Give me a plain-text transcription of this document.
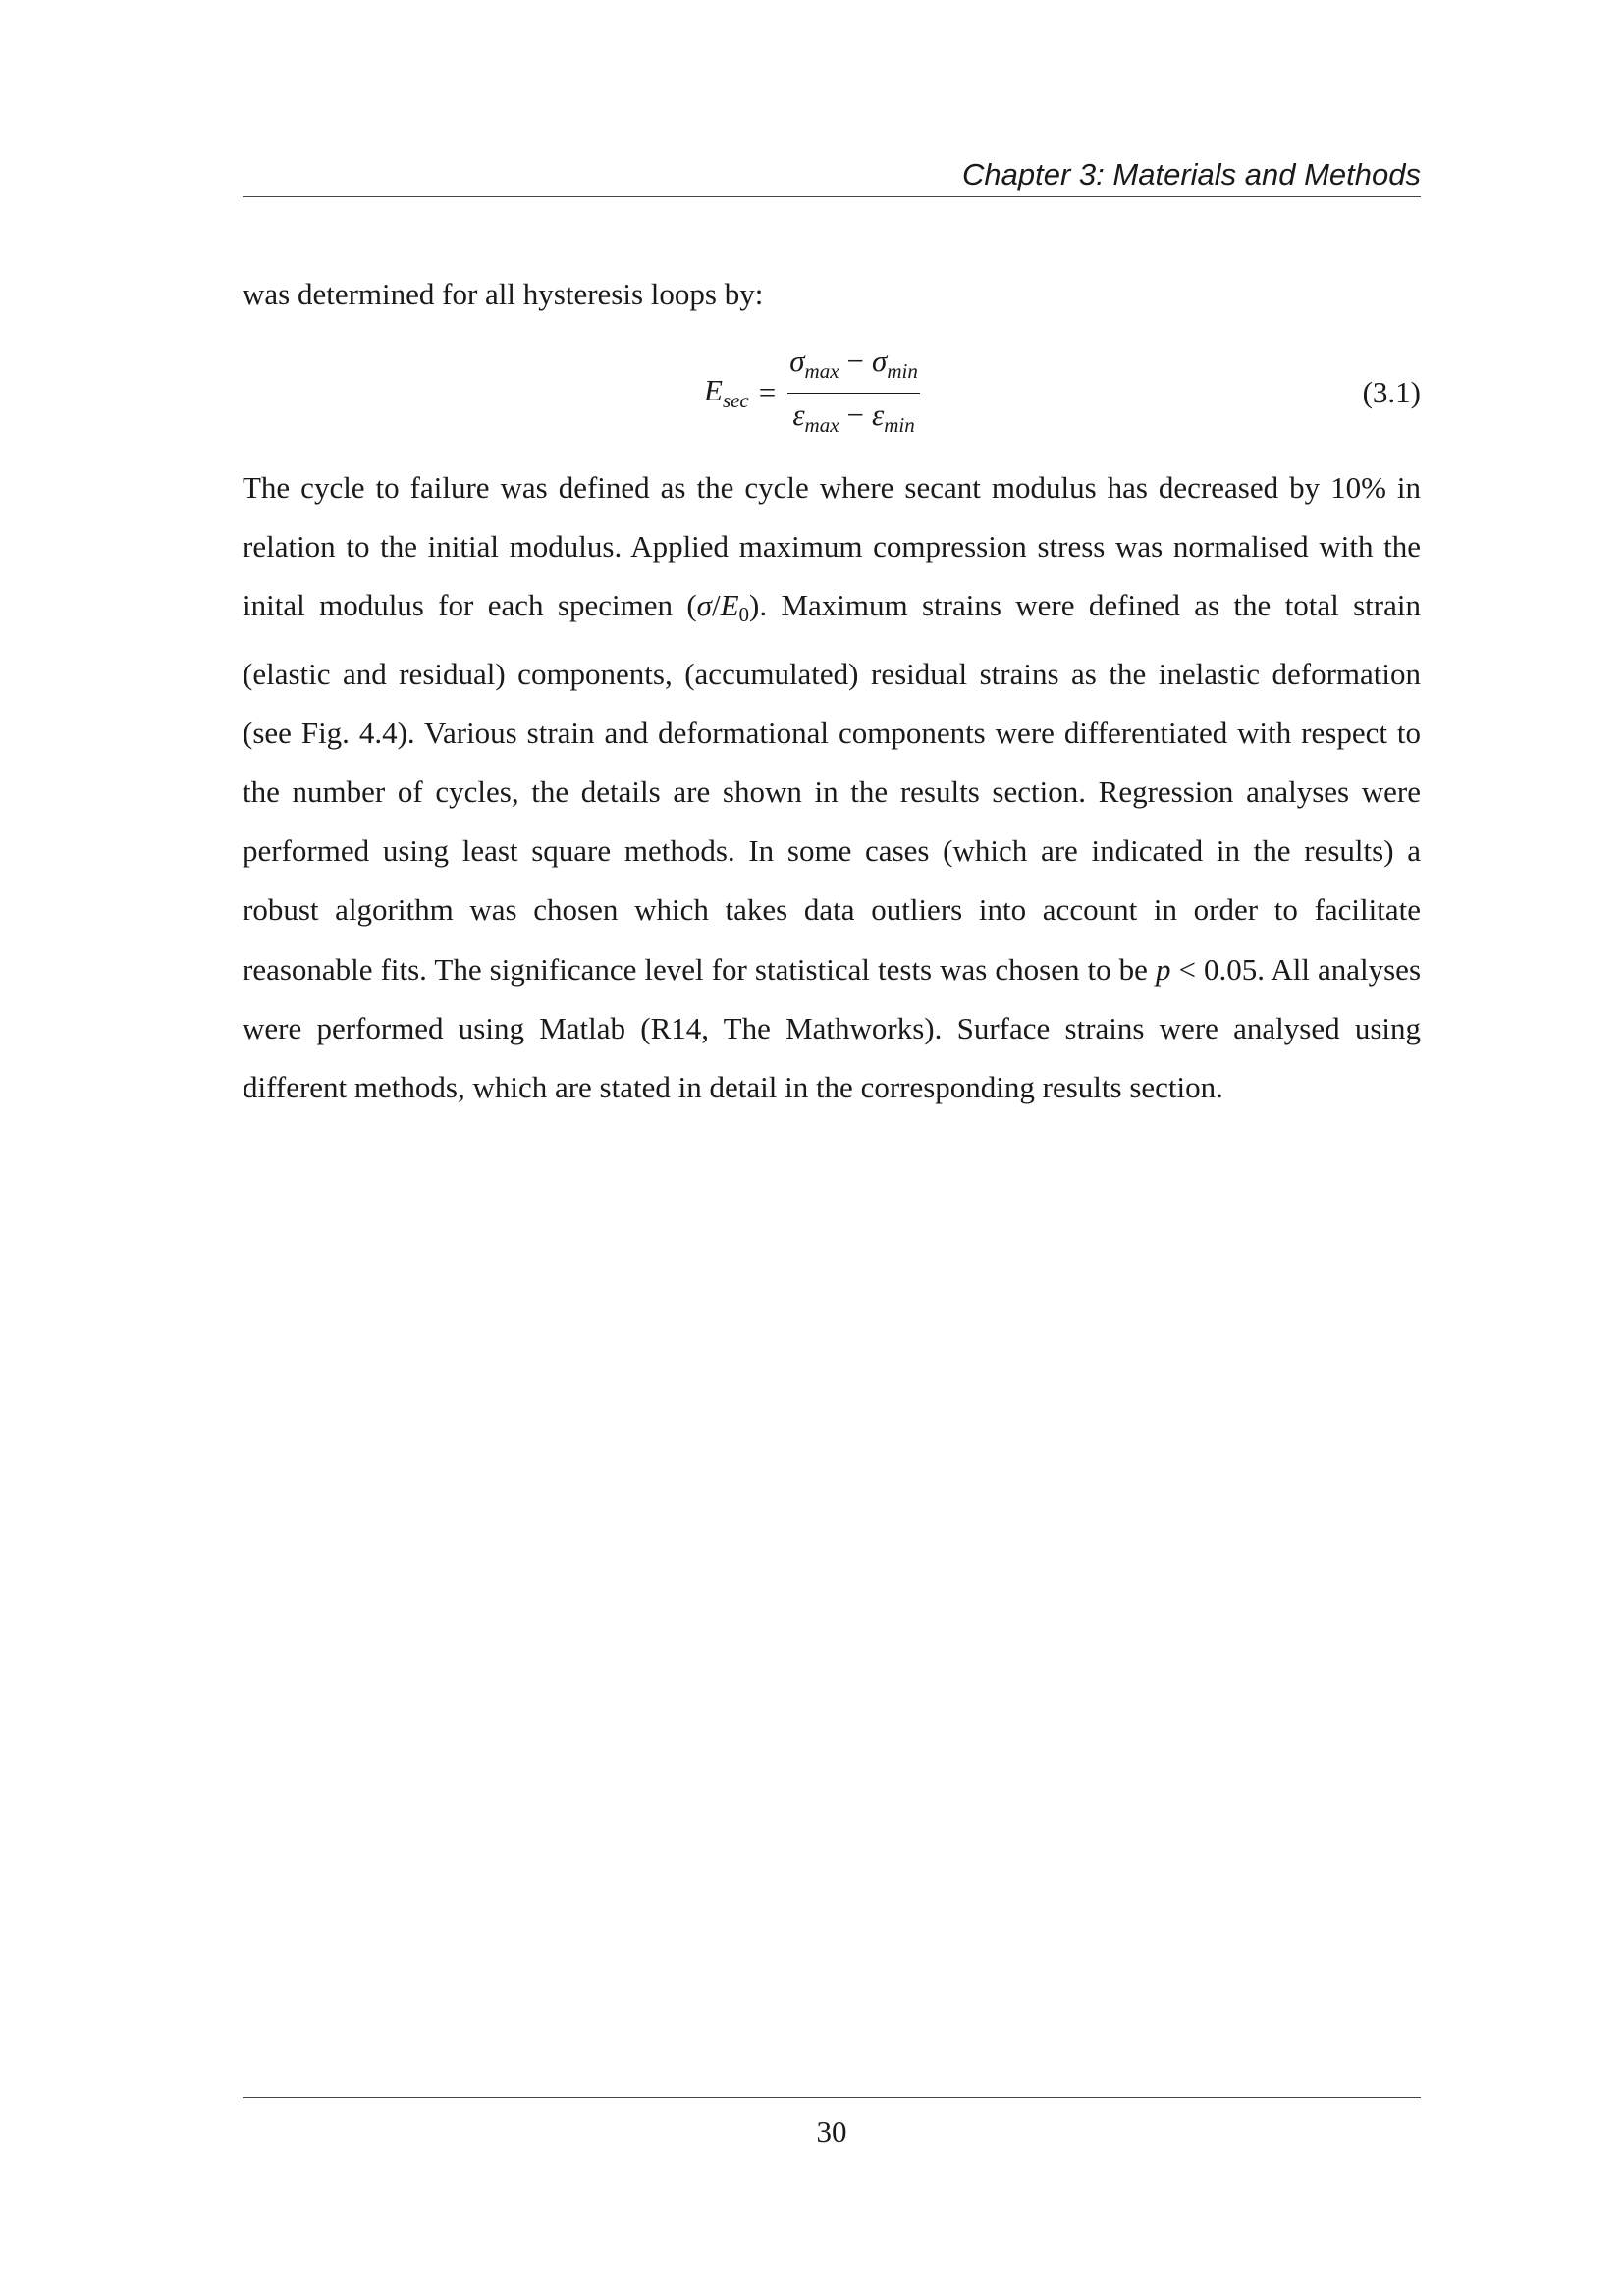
Chapter 3: Materials and Methods
was determined for all hysteresis loops by:
$E_{sec} = \frac{\sigma_{max} - \sigma_{min}}{\varepsilon_{max} - \varepsilon_{min}}$	(3.1)
The cycle to failure was defined as the cycle where secant modulus has decreased by 10% in relation to the initial modulus. Applied maximum compression stress was normalised with the inital modulus for each specimen (σ/E0). Maximum strains were defined as the total strain (elastic and residual) components, (accumulated) residual strains as the inelastic deformation (see Fig. 4.4). Various strain and deformational components were differentiated with respect to the number of cycles, the details are shown in the results section. Regression analyses were performed using least square methods. In some cases (which are indicated in the results) a robust algorithm was chosen which takes data outliers into account in order to facilitate reasonable fits. The significance level for statistical tests was chosen to be p < 0.05. All analyses were performed using Matlab (R14, The Mathworks). Surface strains were analysed using different methods, which are stated in detail in the corresponding results section.
30
